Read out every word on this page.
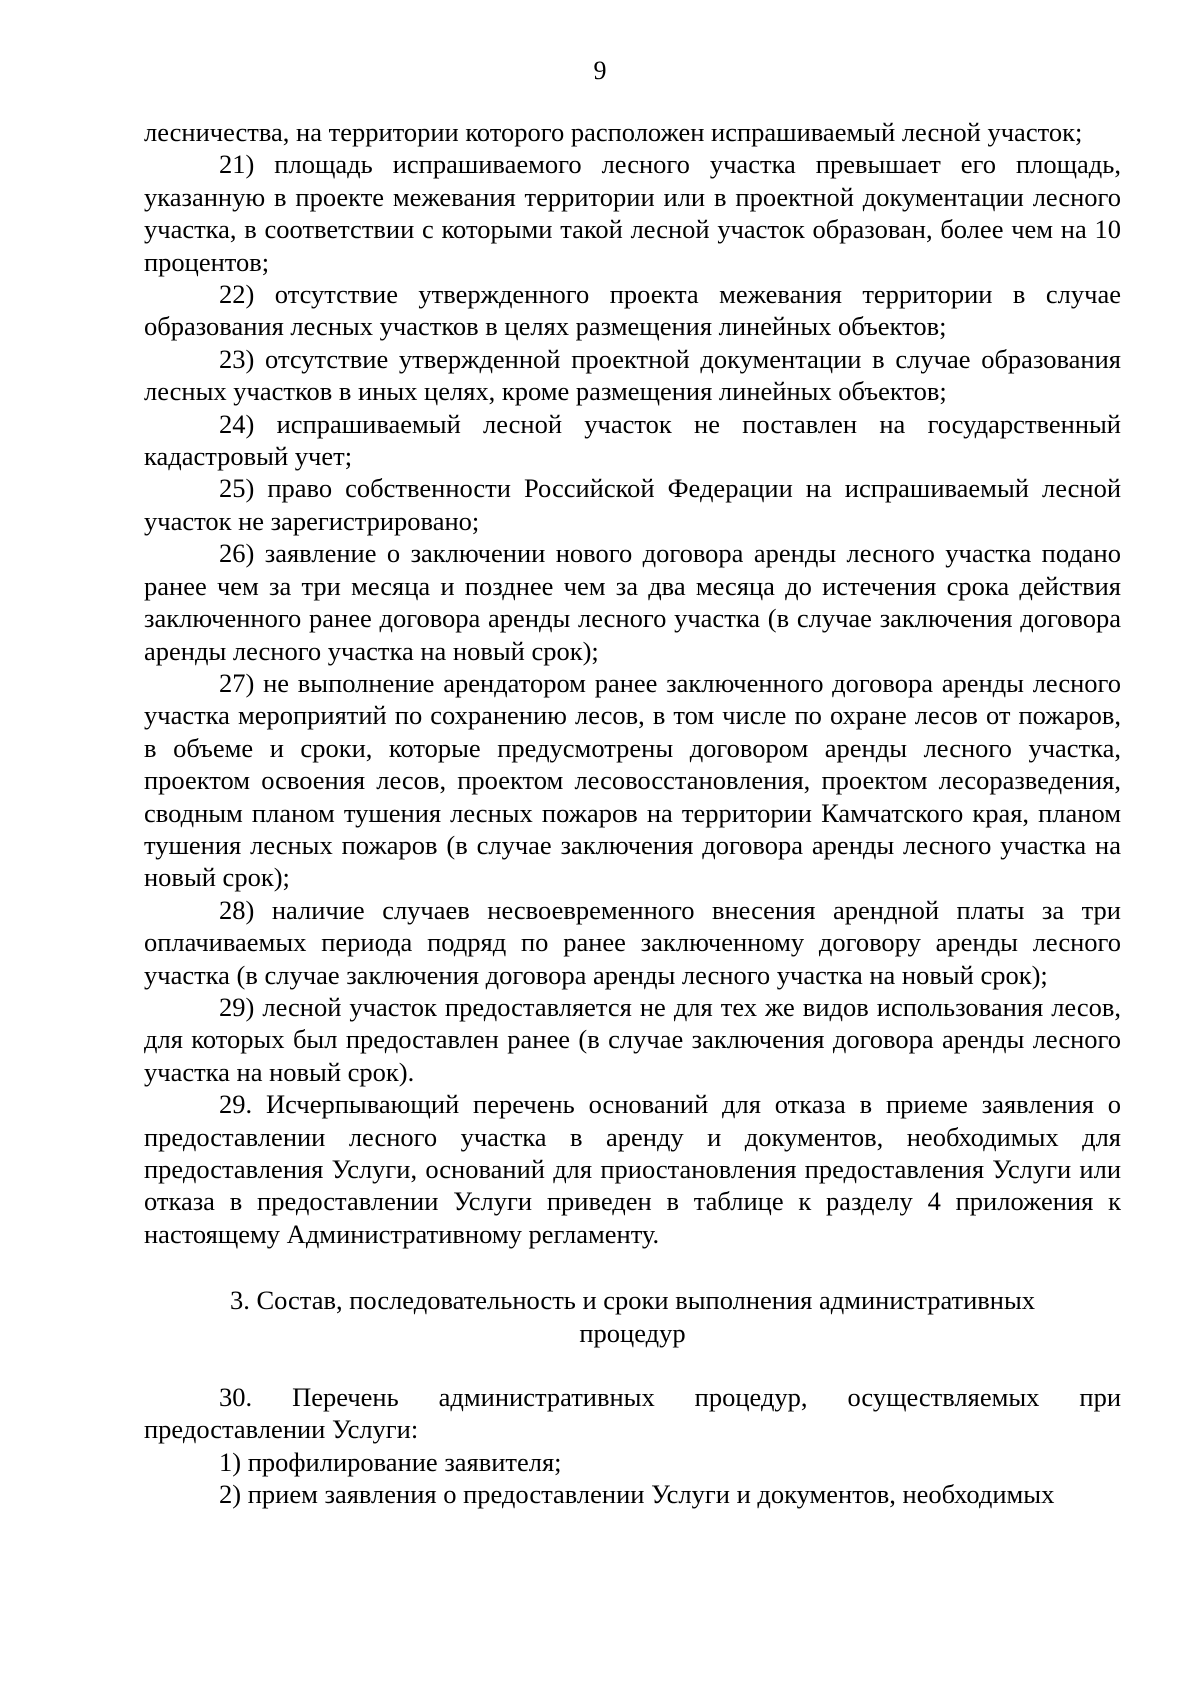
9

лесничества, на территории которого расположен испрашиваемый лесной участок;

21) площадь испрашиваемого лесного участка превышает его площадь, указанную в проекте межевания территории или в проектной документации лесного участка, в соответствии с которыми такой лесной участок образован, более чем на 10 процентов;

22) отсутствие утвержденного проекта межевания территории в случае образования лесных участков в целях размещения линейных объектов;

23) отсутствие утвержденной проектной документации в случае образования лесных участков в иных целях, кроме размещения линейных объектов;

24) испрашиваемый лесной участок не поставлен на государственный кадастровый учет;

25) право собственности Российской Федерации на испрашиваемый лесной участок не зарегистрировано;

26) заявление о заключении нового договора аренды лесного участка подано ранее чем за три месяца и позднее чем за два месяца до истечения срока действия заключенного ранее договора аренды лесного участка (в случае заключения договора аренды лесного участка на новый срок);

27) не выполнение арендатором ранее заключенного договора аренды лесного участка мероприятий по сохранению лесов, в том числе по охране лесов от пожаров, в объеме и сроки, которые предусмотрены договором аренды лесного участка, проектом освоения лесов, проектом лесовосстановления, проектом лесоразведения, сводным планом тушения лесных пожаров на территории Камчатского края, планом тушения лесных пожаров (в случае заключения договора аренды лесного участка на новый срок);

28) наличие случаев несвоевременного внесения арендной платы за три оплачиваемых периода подряд по ранее заключенному договору аренды лесного участка (в случае заключения договора аренды лесного участка на новый срок);

29) лесной участок предоставляется не для тех же видов использования лесов, для которых был предоставлен ранее (в случае заключения договора аренды лесного участка на новый срок).

29. Исчерпывающий перечень оснований для отказа в приеме заявления о предоставлении лесного участка в аренду и документов, необходимых для предоставления Услуги, оснований для приостановления предоставления Услуги или отказа в предоставлении Услуги приведен в таблице к разделу 4 приложения к настоящему Административному регламенту.

3. Состав, последовательность и сроки выполнения административных процедур

30. Перечень административных процедур, осуществляемых при предоставлении Услуги:

1) профилирование заявителя;

2) прием заявления о предоставлении Услуги и документов, необходимых
